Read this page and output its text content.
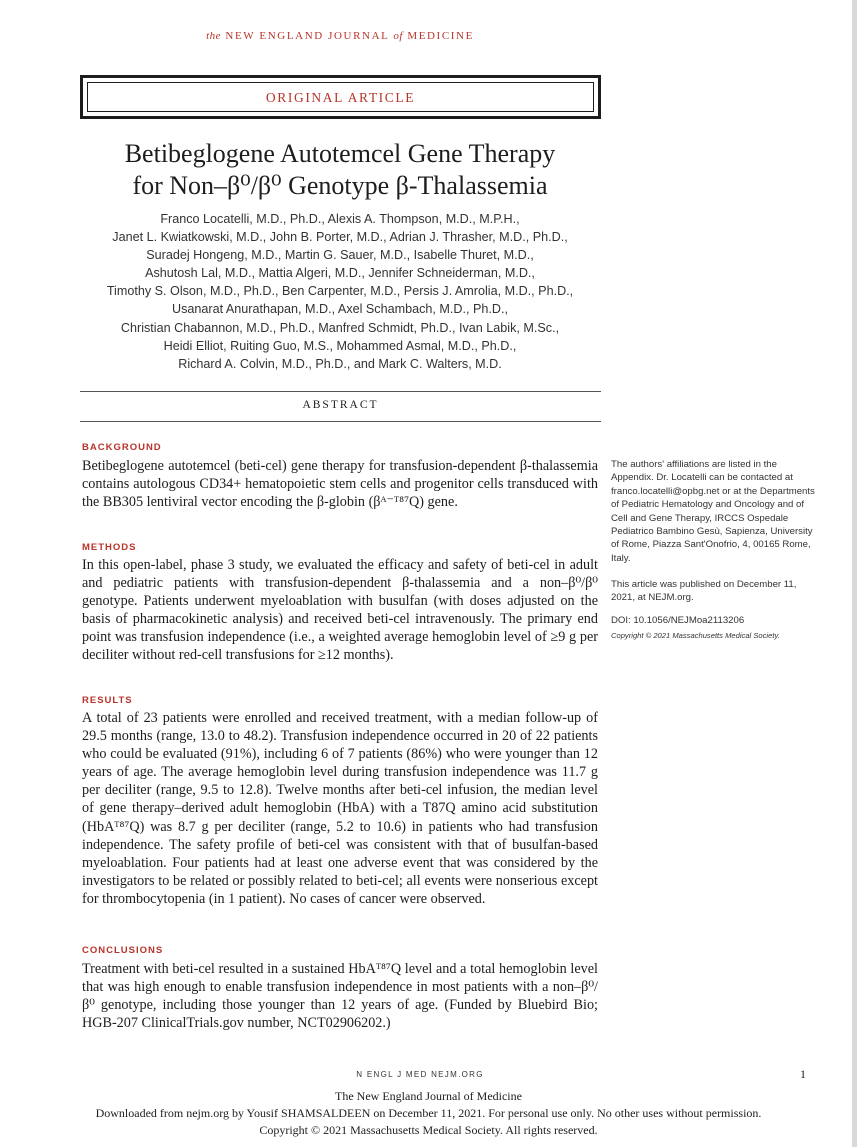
the NEW ENGLAND JOURNAL of MEDICINE
ORIGINAL ARTICLE
Betibeglogene Autotemcel Gene Therapy
for Non–β⁰/β⁰ Genotype β-Thalassemia
Franco Locatelli, M.D., Ph.D., Alexis A. Thompson, M.D., M.P.H.,
Janet L. Kwiatkowski, M.D., John B. Porter, M.D., Adrian J. Thrasher, M.D., Ph.D.,
Suradej Hongeng, M.D., Martin G. Sauer, M.D., Isabelle Thuret, M.D.,
Ashutosh Lal, M.D., Mattia Algeri, M.D., Jennifer Schneiderman, M.D.,
Timothy S. Olson, M.D., Ph.D., Ben Carpenter, M.D., Persis J. Amrolia, M.D., Ph.D.,
Usanarat Anurathapan, M.D., Axel Schambach, M.D., Ph.D.,
Christian Chabannon, M.D., Ph.D., Manfred Schmidt, Ph.D., Ivan Labik, M.Sc.,
Heidi Elliot, Ruiting Guo, M.S., Mohammed Asmal, M.D., Ph.D.,
Richard A. Colvin, M.D., Ph.D., and Mark C. Walters, M.D.
ABSTRACT
BACKGROUND
Betibeglogene autotemcel (beti-cel) gene therapy for transfusion-dependent β-thalassemia contains autologous CD34+ hematopoietic stem cells and progenitor cells transduced with the BB305 lentiviral vector encoding the β-globin (βᴬ⁻ᵀ⁸⁷Q) gene.
METHODS
In this open-label, phase 3 study, we evaluated the efficacy and safety of beti-cel in adult and pediatric patients with transfusion-dependent β-thalassemia and a non–β⁰/β⁰ genotype. Patients underwent myeloablation with busulfan (with doses adjusted on the basis of pharmacokinetic analysis) and received beti-cel intravenously. The primary end point was transfusion independence (i.e., a weighted average hemoglobin level of ≥9 g per deciliter without red-cell transfusions for ≥12 months).
RESULTS
A total of 23 patients were enrolled and received treatment, with a median follow-up of 29.5 months (range, 13.0 to 48.2). Transfusion independence occurred in 20 of 22 patients who could be evaluated (91%), including 6 of 7 patients (86%) who were younger than 12 years of age. The average hemoglobin level during transfusion independence was 11.7 g per deciliter (range, 9.5 to 12.8). Twelve months after beti-cel infusion, the median level of gene therapy–derived adult hemoglobin (HbA) with a T87Q amino acid substitution (HbAᵀ⁸⁷Q) was 8.7 g per deciliter (range, 5.2 to 10.6) in patients who had transfusion independence. The safety profile of beti-cel was consistent with that of busulfan-based myeloablation. Four patients had at least one adverse event that was considered by the investigators to be related or possibly related to beti-cel; all events were nonserious except for thrombocytopenia (in 1 patient). No cases of cancer were observed.
CONCLUSIONS
Treatment with beti-cel resulted in a sustained HbAᵀ⁸⁷Q level and a total hemoglobin level that was high enough to enable transfusion independence in most patients with a non–β⁰/β⁰ genotype, including those younger than 12 years of age. (Funded by Bluebird Bio; HGB-207 ClinicalTrials.gov number, NCT02906202.)
The authors' affiliations are listed in the Appendix. Dr. Locatelli can be contacted at franco.locatelli@opbg.net or at the Departments of Pediatric Hematology and Oncology and of Cell and Gene Therapy, IRCCS Ospedale Pediatrico Bambino Gesù, Sapienza, University of Rome, Piazza Sant'Onofrio, 4, 00165 Rome, Italy.
This article was published on December 11, 2021, at NEJM.org.
DOI: 10.1056/NEJMoa2113206
Copyright © 2021 Massachusetts Medical Society.
N ENGL J MED NEJM.ORG	1
The New England Journal of Medicine
Downloaded from nejm.org by Yousif SHAMSALDEEN on December 11, 2021. For personal use only. No other uses without permission.
Copyright © 2021 Massachusetts Medical Society. All rights reserved.
